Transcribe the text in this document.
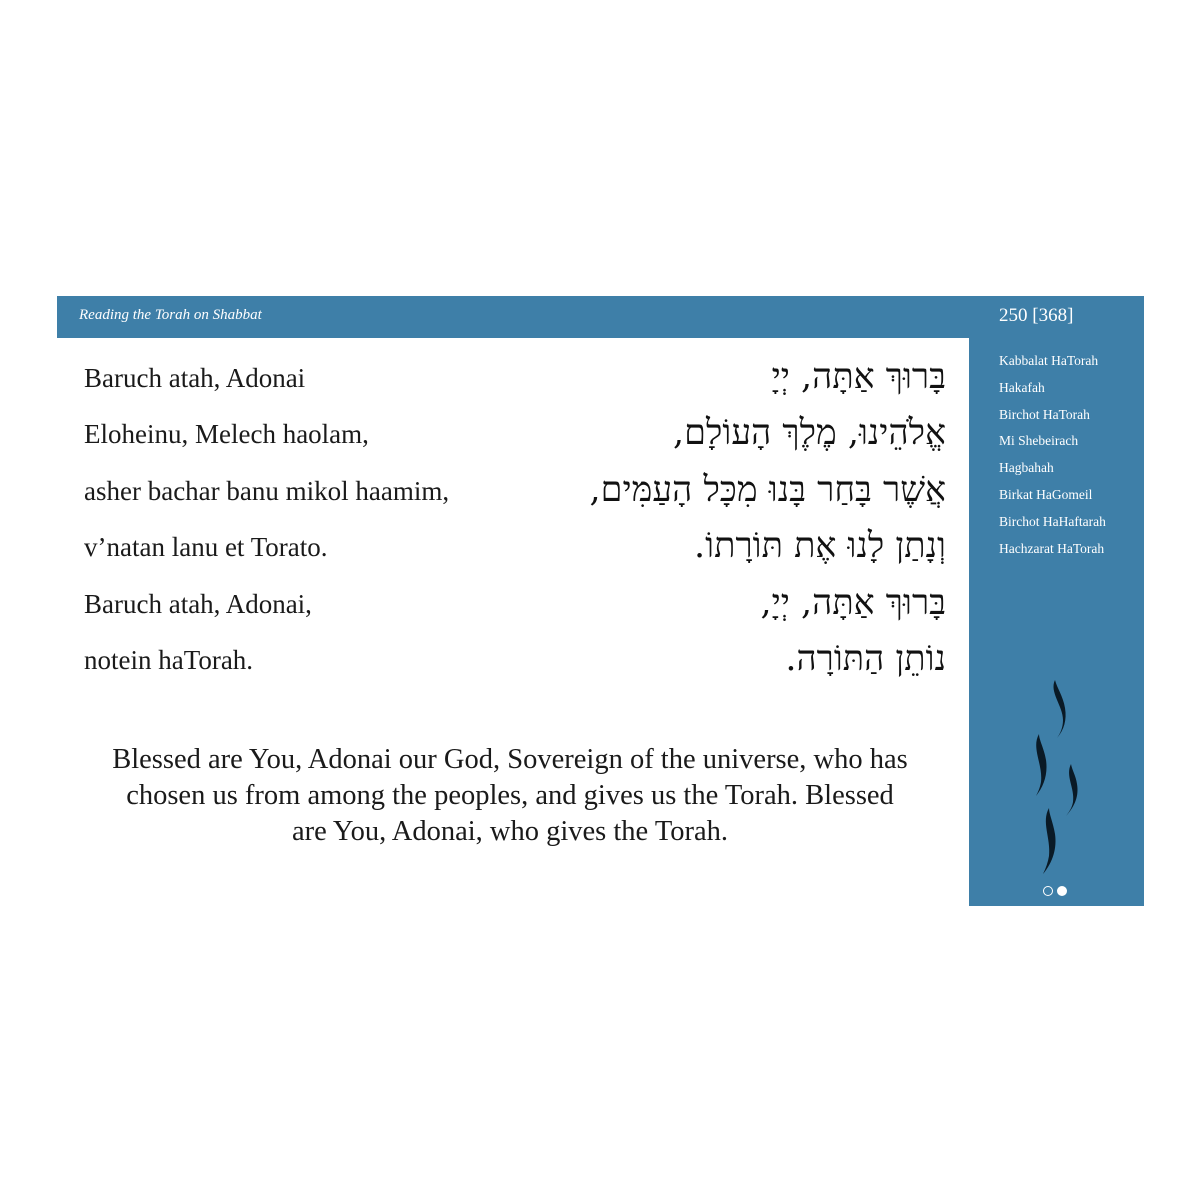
Reading the Torah on Shabbat	250 [368]
Kabbalat HaTorah
Hakafah
Birchot HaTorah
Mi Shebeirach
Hagbahah
Birkat HaGomeil
Birchot HaHaftarah
Hachzarat HaTorah
Baruch atah, Adonai	בָּרוּךְ אַתָּה, יְיָ
Eloheinu, Melech haolam,	אֱלֹהֵינוּ, מֶלֶךְ הָעוֹלָם,
asher bachar banu mikol haamim,	אֲשֶׁר בָּחַר בָּנוּ מִכָּל הָעַמִּים,
v’natan lanu et Torato.	וְנָתַן לָנוּ אֶת תּוֹרָתוֹ.
Baruch atah, Adonai,	בָּרוּךְ אַתָּה, יְיָ,
notein haTorah.	נוֹתֵן הַתּוֹרָה.
Blessed are You, Adonai our God, Sovereign of the universe, who has chosen us from among the peoples, and gives us the Torah. Blessed are You, Adonai, who gives the Torah.
